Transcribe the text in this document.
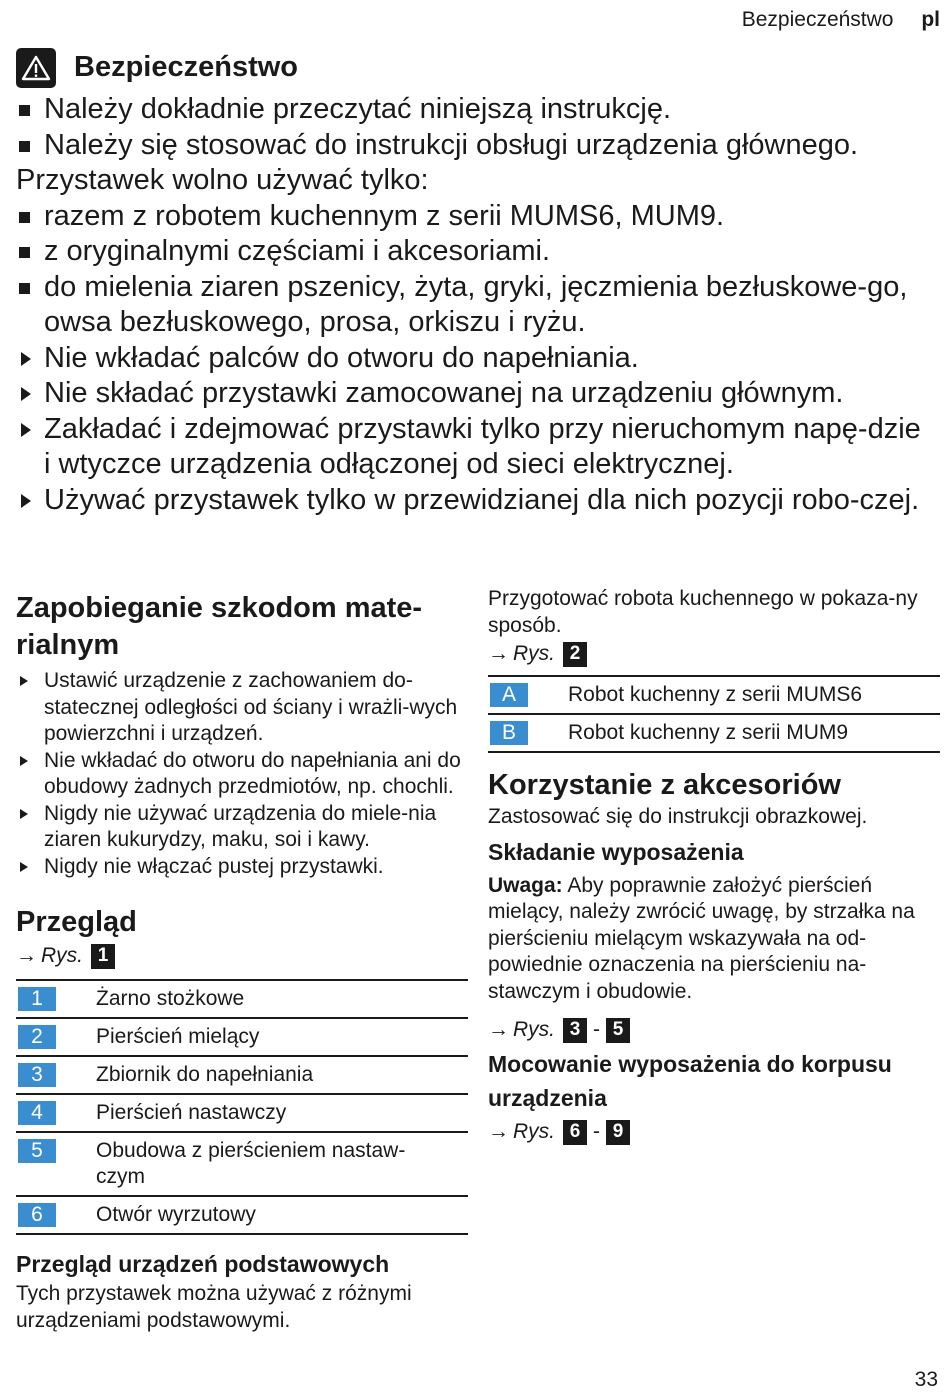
Bezpieczeństwo pl
Bezpieczeństwo
Należy dokładnie przeczytać niniejszą instrukcję.
Należy się stosować do instrukcji obsługi urządzenia głównego.
Przystawek wolno używać tylko:
razem z robotem kuchennym z serii MUMS6, MUM9.
z oryginalnymi częściami i akcesoriami.
do mielenia ziaren pszenicy, żyta, gryki, jęczmienia bezłuskowe-go, owsa bezłuskowego, prosa, orkiszu i ryżu.
Nie wkładać palców do otworu do napełniania.
Nie składać przystawki zamocowanej na urządzeniu głównym.
Zakładać i zdejmować przystawki tylko przy nieruchomym napę-dzie i wtyczce urządzenia odłączonej od sieci elektrycznej.
Używać przystawek tylko w przewidzianej dla nich pozycji robo-czej.
Zapobieganie szkodom mate-rialnym
Ustawić urządzenie z zachowaniem do-statecznej odległości od ściany i wrażli-wych powierzchni i urządzeń.
Nie wkładać do otworu do napełniania ani do obudowy żadnych przedmiotów, np. chochli.
Nigdy nie używać urządzenia do miele-nia ziaren kukurydzy, maku, soi i kawy.
Nigdy nie włączać pustej przystawki.
Przegląd
→ Rys. 1
1	Żarno stożkowe
2	Pierścień mielący
3	Zbiornik do napełniania
4	Pierścień nastawczy
5	Obudowa z pierścieniem nastaw-czym
6	Otwór wyrzutowy
Przegląd urządzeń podstawowych
Tych przystawek można używać z różnymi urządzeniami podstawowymi.
Przygotować robota kuchennego w pokaza-ny sposób.
→ Rys. 2
A	Robot kuchenny z serii MUMS6
B	Robot kuchenny z serii MUM9
Korzystanie z akcesoriów
Zastosować się do instrukcji obrazkowej.
Składanie wyposażenia
Uwaga: Aby poprawnie założyć pierścień mielący, należy zwrócić uwagę, by strzałka na pierścieniu mielącym wskazywała na od-powiednie oznaczenia na pierścieniu na-stawczym i obudowie.
→ Rys. 3 - 5
Mocowanie wyposażenia do korpusu urządzenia
→ Rys. 6 - 9
33
